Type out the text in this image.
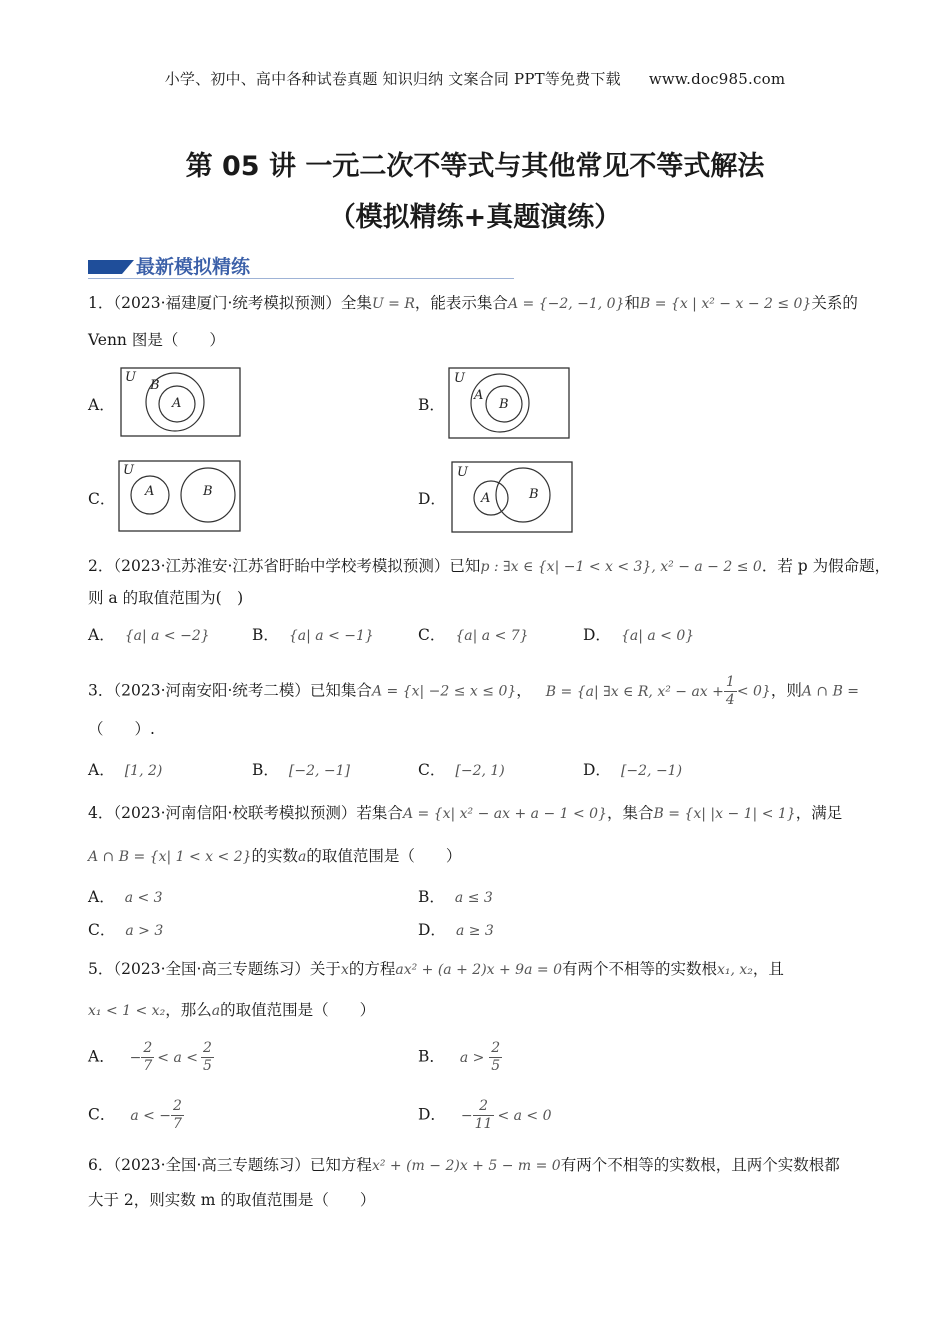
小学、初中、高中各种试卷真题 知识归纳 文案合同 PPT等免费下载 www.doc985.com
第 05 讲 一元二次不等式与其他常见不等式解法
（模拟精练+真题演练）
最新模拟精练
1．（2023·福建厦门·统考模拟预测）全集U = R，能表示集合A = {−2, −1, 0}和B = {x | x² − x − 2 ≤ 0}关系的
Venn 图是（　　）
A．
U
B
A	B．
U
A
B
C．
U
A	B	D．
U
A	B
2．（2023·江苏淮安·江苏省盱眙中学校考模拟预测）已知p : ∃x ∈ {x| −1 < x < 3}, x² − a − 2 ≤ 0．若 p 为假命题，
则 a 的取值范围为(　)
A． {a| a < −2}	B． {a| a < −1}	C． {a| a < 7}	D． {a| a < 0}
3．（2023·河南安阳·统考二模）已知集合A = {x| −2 ≤ x ≤ 0}， B = {a| ∃x ∈ R, x² − ax + $\frac{1}{4} < 0$}，则A ∩ B =
（　　）.
A． [1, 2)	B． [−2, −1]	C． [−2, 1)	D． [−2, −1)
4．（2023·河南信阳·校联考模拟预测）若集合A = {x| x² − ax + a − 1 < 0}，集合B = {x| |x − 1| < 1}，满足
A ∩ B = {x| 1 < x < 2}的实数a的取值范围是（　　）
A． a < 3	B． a ≤ 3
C． a > 3	D． a ≥ 3
5．（2023·全国·高三专题练习）关于x的方程ax² + (a + 2)x + 9a = 0有两个不相等的实数根x₁, x₂，且
x₁ < 1 < x₂，那么a的取值范围是（　　）
A． − $\frac{2}{7} < a < \frac{2}{5}$	B． $a > \frac{2}{5}$
C． a < − $\frac{2}{7}$	D． − $\frac{2}{11} < a < 0$
6．（2023·全国·高三专题练习）已知方程x² + (m − 2)x + 5 − m = 0有两个不相等的实数根，且两个实数根都
大于 2，则实数 m 的取值范围是（　　）
